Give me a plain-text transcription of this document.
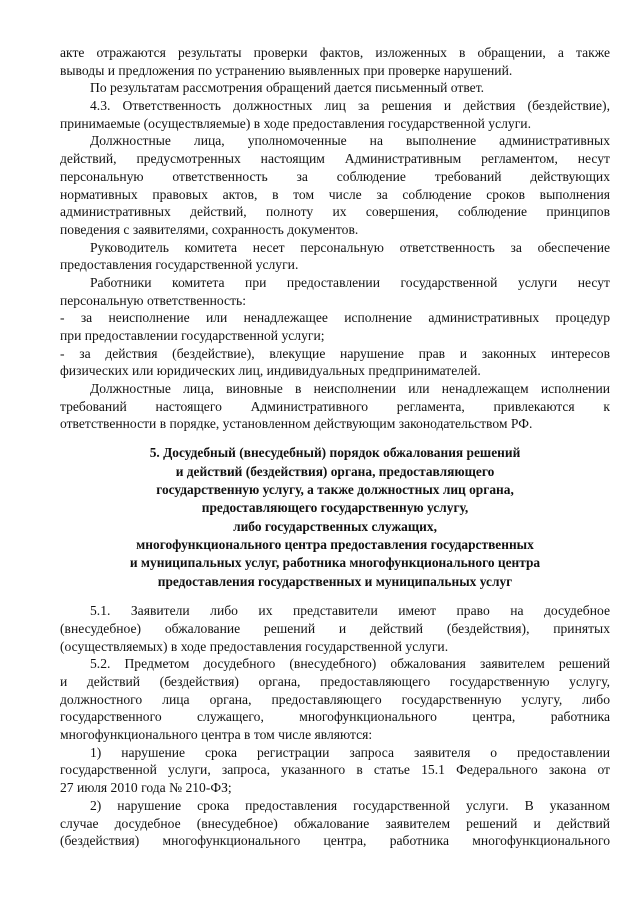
акте отражаются результаты проверки фактов, изложенных в обращении, а также
выводы и предложения по устранению выявленных при проверке нарушений.
По результатам рассмотрения обращений дается письменный ответ.
4.3. Ответственность должностных лиц за решения и действия (бездействие),
принимаемые (осуществляемые) в ходе предоставления государственной услуги.
Должностные лица, уполномоченные на выполнение административных
действий, предусмотренных настоящим Административным регламентом, несут
персональную ответственность за соблюдение требований действующих
нормативных правовых актов, в том числе за соблюдение сроков выполнения
административных действий, полноту их совершения, соблюдение принципов
поведения с заявителями, сохранность документов.
Руководитель комитета несет персональную ответственность за обеспечение
предоставления государственной услуги.
Работники комитета при предоставлении государственной услуги несут
персональную ответственность:
- за неисполнение или ненадлежащее исполнение административных процедур
при предоставлении государственной услуги;
- за действия (бездействие), влекущие нарушение прав и законных интересов
физических или юридических лиц, индивидуальных предпринимателей.
Должностные лица, виновные в неисполнении или ненадлежащем исполнении
требований настоящего Административного регламента, привлекаются к
ответственности в порядке, установленном действующим законодательством РФ.
5. Досудебный (внесудебный) порядок обжалования решений
и действий (бездействия) органа, предоставляющего
государственную услугу, а также должностных лиц органа,
предоставляющего государственную услугу,
либо государственных служащих,
многофункционального центра предоставления государственных
и муниципальных услуг, работника многофункционального центра
предоставления государственных и муниципальных услуг
5.1. Заявители либо их представители имеют право на досудебное
(внесудебное) обжалование решений и действий (бездействия), принятых
(осуществляемых) в ходе предоставления государственной услуги.
5.2. Предметом досудебного (внесудебного) обжалования заявителем решений
и действий (бездействия) органа, предоставляющего государственную услугу,
должностного лица органа, предоставляющего государственную услугу, либо
государственного служащего, многофункционального центра, работника
многофункционального центра в том числе являются:
1) нарушение срока регистрации запроса заявителя о предоставлении
государственной услуги, запроса, указанного в статье 15.1 Федерального закона от
27 июля 2010 года № 210-ФЗ;
2) нарушение срока предоставления государственной услуги. В указанном
случае досудебное (внесудебное) обжалование заявителем решений и действий
(бездействия) многофункционального центра, работника многофункционального
